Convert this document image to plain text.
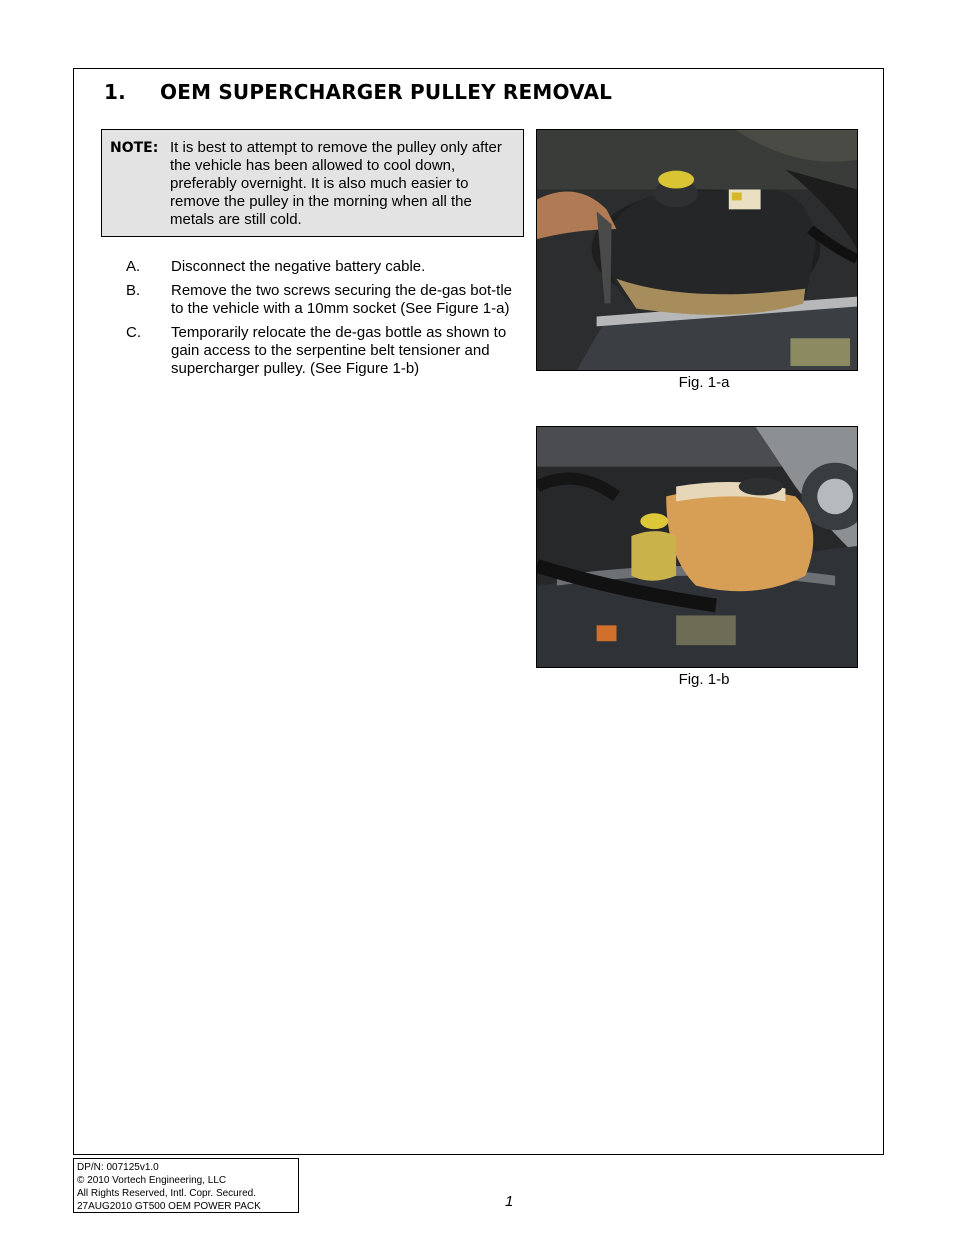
1. OEM SUPERCHARGER PULLEY REMOVAL
NOTE: It is best to attempt to remove the pulley only after the vehicle has been allowed to cool down, preferably overnight. It is also much easier to remove the pulley in the morning when all the metals are still cold.
A. Disconnect the negative battery cable.
B. Remove the two screws securing the de-gas bot-tle to the vehicle with a 10mm socket (See Figure 1-a)
C. Temporarily relocate the de-gas bottle as shown to gain access to the serpentine belt tensioner and supercharger pulley. (See Figure 1-b)
Fig. 1-a
Fig. 1-b
DP/N: 007125v1.0
© 2010 Vortech Engineering, LLC
All Rights Reserved, Intl. Copr. Secured.
27AUG2010 GT500 OEM POWER PACK	1
